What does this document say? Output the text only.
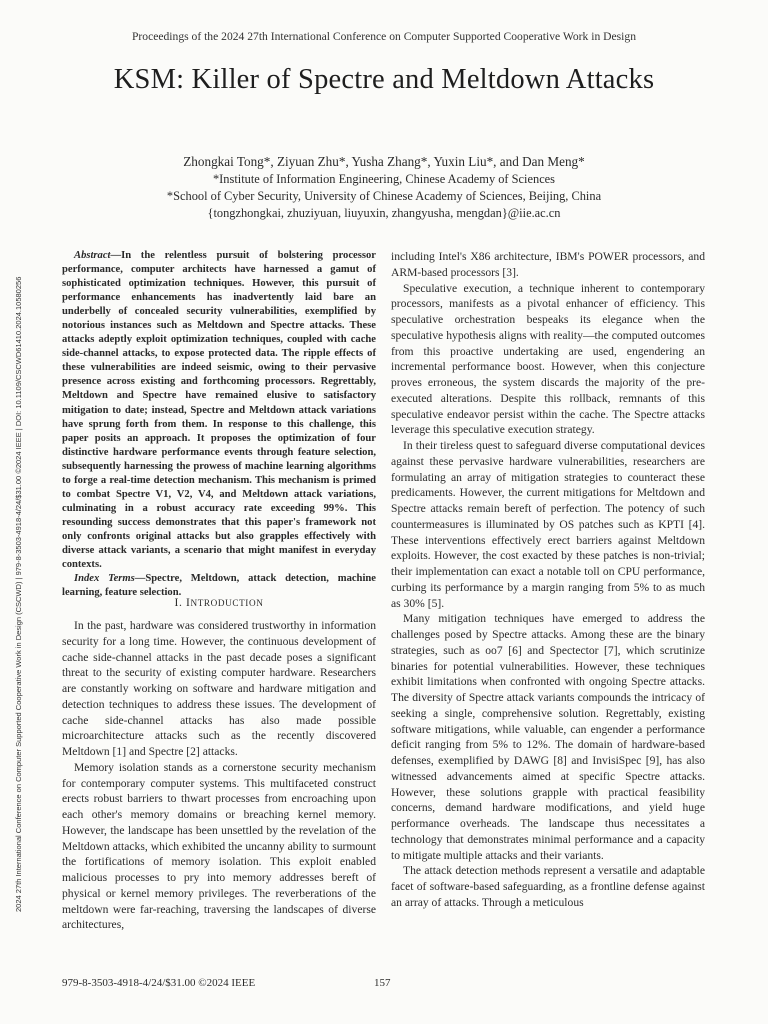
Proceedings of the 2024 27th International Conference on Computer Supported Cooperative Work in Design
KSM: Killer of Spectre and Meltdown Attacks
Zhongkai Tong*, Ziyuan Zhu*, Yusha Zhang*, Yuxin Liu*, and Dan Meng*
*Institute of Information Engineering, Chinese Academy of Sciences
*School of Cyber Security, University of Chinese Academy of Sciences, Beijing, China
{tongzhongkai, zhuziyuan, liuyuxin, zhangyusha, mengdan}@iie.ac.cn
2024 27th International Conference on Computer Supported Cooperative Work in Design (CSCWD) | 979-8-3503-4918-4/24/$31.00 ©2024 IEEE | DOI: 10.1109/CSCWD61410.2024.10580256

Abstract—In the relentless pursuit of bolstering processor performance, computer architects have harnessed a gamut of sophisticated optimization techniques. However, this pursuit of performance enhancements has inadvertently laid bare an underbelly of concealed security vulnerabilities, exemplified by notorious instances such as Meltdown and Spectre attacks. These attacks adeptly exploit optimization techniques, coupled with cache side-channel attacks, to expose protected data. The ripple effects of these vulnerabilities are indeed seismic, owing to their pervasive presence across existing and forthcoming processors. Regrettably, Meltdown and Spectre have remained elusive to satisfactory mitigation to date; instead, Spectre and Meltdown attack variations have sprung forth from them. In response to this challenge, this paper posits an approach. It proposes the optimization of four distinctive hardware performance events through feature selection, subsequently harnessing the prowess of machine learning algorithms to forge a real-time detection mechanism. This mechanism is primed to combat Spectre V1, V2, V4, and Meltdown attack variations, culminating in a robust accuracy rate exceeding 99%. This resounding success demonstrates that this paper's framework not only confronts original attacks but also grapples effectively with diverse attack variants, a scenario that might manifest in everyday contexts.

Index Terms—Spectre, Meltdown, attack detection, machine learning, feature selection.

I. INTRODUCTION

In the past, hardware was considered trustworthy in information security for a long time. However, the continuous development of cache side-channel attacks in the past decade poses a significant threat to the security of existing computer hardware. Researchers are constantly working on software and hardware mitigation and detection techniques to address these issues. The development of cache side-channel attacks has also made possible microarchitecture attacks such as the recently discovered Meltdown [1] and Spectre [2] attacks.

Memory isolation stands as a cornerstone security mechanism for contemporary computer systems. This multifaceted construct erects robust barriers to thwart processes from encroaching upon each other's memory domains or breaching kernel memory. However, the landscape has been unsettled by the revelation of the Meltdown attacks, which exhibited the uncanny ability to surmount the fortifications of memory isolation. This exploit enabled malicious processes to pry into memory addresses bereft of physical or kernel memory privileges. The reverberations of the meltdown were far-reaching, traversing the landscapes of diverse architectures,

including Intel's X86 architecture, IBM's POWER processors, and ARM-based processors [3].

Speculative execution, a technique inherent to contemporary processors, manifests as a pivotal enhancer of efficiency. This speculative orchestration bespeaks its elegance when the speculative hypothesis aligns with reality—the computed outcomes from this proactive undertaking are used, engendering an incremental performance boost. However, when this conjecture proves erroneous, the system discards the majority of the pre-executed alterations. Despite this rollback, remnants of this speculative endeavor persist within the cache. The Spectre attacks leverage this speculative execution strategy.

In their tireless quest to safeguard diverse computational devices against these pervasive hardware vulnerabilities, researchers are formulating an array of mitigation strategies to counteract these predicaments. However, the current mitigations for Meltdown and Spectre attacks remain bereft of perfection. The potency of such countermeasures is illuminated by OS patches such as KPTI [4]. These interventions effectively erect barriers against Meltdown exploits. However, the cost exacted by these patches is non-trivial; their implementation can exact a notable toll on CPU performance, curbing its performance by a margin ranging from 5% to as much as 30% [5].

Many mitigation techniques have emerged to address the challenges posed by Spectre attacks. Among these are the binary strategies, such as oo7 [6] and Spectector [7], which scrutinize binaries for potential vulnerabilities. However, these techniques exhibit limitations when confronted with ongoing Spectre attacks. The diversity of Spectre attack variants compounds the intricacy of seeking a single, comprehensive solution. Regrettably, existing software mitigations, while valuable, can engender a performance deficit ranging from 5% to 12%. The domain of hardware-based defenses, exemplified by DAWG [8] and InvisiSpec [9], has also witnessed advancements aimed at specific Spectre attacks. However, these solutions grapple with practical feasibility concerns, demand hardware modifications, and yield huge performance overheads. The landscape thus necessitates a technology that demonstrates minimal performance and a capacity to mitigate multiple attacks and their variants.

The attack detection methods represent a versatile and adaptable facet of software-based safeguarding, as a frontline defense against an array of attacks. Through a meticulous

979-8-3503-4918-4/24/$31.00 ©2024 IEEE	157
